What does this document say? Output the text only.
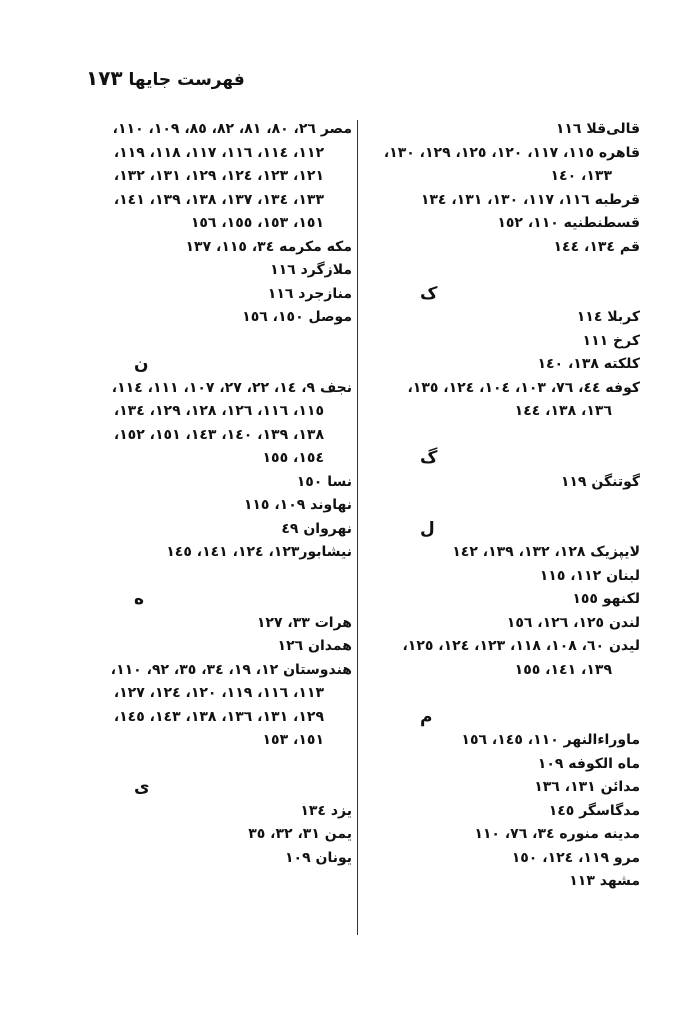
فهرست جایها ١٧٣
قالی‌قلا ١١٦
قاهره ١١٥، ١١٧، ١٢٠، ١٢٥، ١٢٩، ١٣٠،
١٣٣، ١٤٠
قرطبه ١١٦، ١١٧، ١٣٠، ١٣١، ١٣٤
قسطنطنیه ١١٠، ١٥٢
قم ١٣٤، ١٤٤
ک
کربلا ١١٤
کرخ ١١١
کلکته ١٣٨، ١٤٠
کوفه ٤٤، ٧٦، ١٠٣، ١٠٤، ١٢٤، ١٣٥،
١٣٦، ١٣٨، ١٤٤
گ
گوتنگن ١١٩
ل
لایپزیک ١٢٨، ١٣٢، ١٣٩، ١٤٢
لبنان ١١٢، ١١٥
لکنهو ١٥٥
لندن ١٢٥، ١٢٦، ١٥٦
لیدن ٦٠، ١٠٨، ١١٨، ١٢٣، ١٢٤، ١٢٥،
١٣٩، ١٤١، ١٥٥
م
ماوراءالنهر ١١٠، ١٤٥، ١٥٦
ماه الکوفه ١٠٩
مدائن ١٣١، ١٣٦
مدگاسگر ١٤٥
مدینه منوره ٣٤، ٧٦، ١١٠
مرو ١١٩، ١٢٤، ١٥٠
مشهد ١١٣
مصر ٢٦، ٨٠، ٨١، ٨٢، ٨٥، ١٠٩، ١١٠،
١١٢، ١١٤، ١١٦، ١١٧، ١١٨، ١١٩،
١٢١، ١٢٣، ١٢٤، ١٢٩، ١٣١، ١٣٢،
١٣٣، ١٣٤، ١٣٧، ١٣٨، ١٣٩، ١٤١،
١٥١، ١٥٣، ١٥٥، ١٥٦
مکه مکرمه ٣٤، ١١٥، ١٣٧
ملازگرد ١١٦
منازجرد ١١٦
موصل ١٥٠، ١٥٦
ن
نجف ٩، ١٤، ٢٢، ٢٧، ١٠٧، ١١١، ١١٤،
١١٥، ١١٦، ١٢٦، ١٢٨، ١٢٩، ١٣٤،
١٣٨، ١٣٩، ١٤٠، ١٤٣، ١٥١، ١٥٢،
١٥٤، ١٥٥
نسا ١٥٠
نهاوند ١٠٩، ١١٥
نهروان ٤٩
نیشابور١٢٣، ١٢٤، ١٤١، ١٤٥
ه
هرات ٣٣، ١٢٧
همدان ١٢٦
هندوستان ١٢، ١٩، ٣٤، ٣٥، ٩٢، ١١٠،
١١٣، ١١٦، ١١٩، ١٢٠، ١٢٤، ١٢٧،
١٢٩، ١٣١، ١٣٦، ١٣٨، ١٤٣، ١٤٥،
١٥١، ١٥٣
ی
یزد ١٣٤
یمن ٣١، ٣٢، ٣٥
یونان ١٠٩
